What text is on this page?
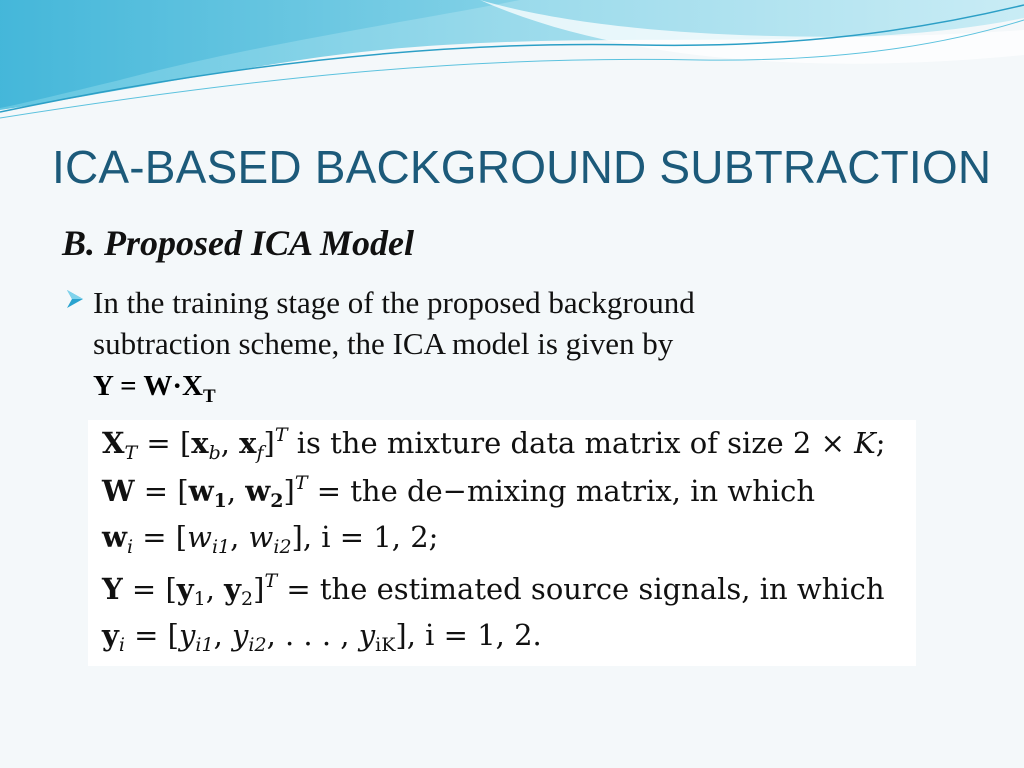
ICA-BASED BACKGROUND SUBTRACTION
B. Proposed ICA Model
In the training stage of the proposed background
subtraction scheme, the ICA model is given by
$Y = W\cdot X_T$
$X_T = [x_b$, $x_f]^T$ is the mixture data matrix of size 2 × K;
$W = [w_1$, $w_2]^T$ = the de−mixing matrix, in which
$w_i = [w_{i1}$, $w_{i2}$], i = 1, 2;
$Y = [y_1$, $y_2]^T$ = the estimated source signals, in which
$y_i = [y_{i1}$, $y_{i2}$, . . . , $y_{iK}$], i = 1, 2.
